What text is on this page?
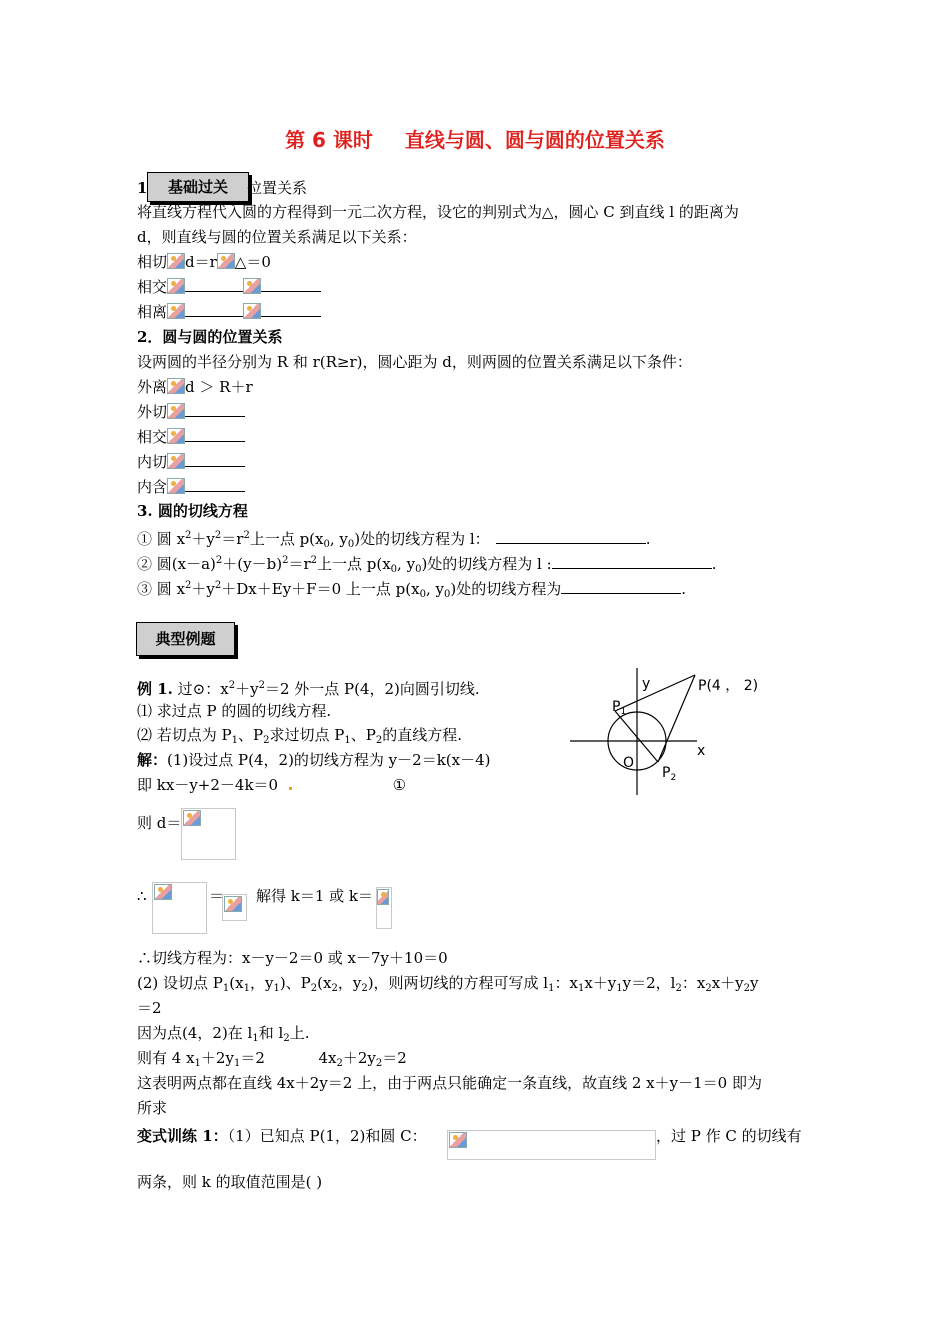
第 6 课时 直线与圆、圆与圆的位置关系
1	基础过关	位置关系
将直线方程代入圆的方程得到一元二次方程，设它的判别式为△，圆心 C 到直线 l 的距离为
d，则直线与圆的位置关系满足以下关系：
相切 d＝r △＝0
相交
相离
2．圆与圆的位置关系
设两圆的半径分别为 R 和 r(R≥r)，圆心距为 d，则两圆的位置关系满足以下条件：
外离 d ＞ R＋r
外切
相交
内切
内含
3. 圆的切线方程
① 圆 $x^2+y^2=r^2$上一点 $p(x_0$, $y_0$)处的切线方程为 l：	.
② 圆$(x-a)^2+(y-b)^2=r^2$上一点 $p(x_0$, $y_0$)处的切线方程为 l :	.
③ 圆 $x^2+y^2+Dx+Ey+F=0$ 上一点 $p(x_0$, $y_0$)处的切线方程为	.
典型例题
例 1. 过⊙：$x^2+y^2=2$ 外一点 P(4，2)向圆引切线.
⑴ 求过点 P 的圆的切线方程.
⑵ 若切点为 $P_1$、$P_2$求过切点 $P_1$、$P_2$的直线方程.
解：(1)设过点 P(4，2)的切线方程为 y－2＝k(x－4)
即 kx－y+2－4k＝0	①
则 d＝
∴	＝ 解得 k＝1 或 k＝
∴切线方程为：x－y－2＝0 或 x－7y＋10＝0
(2) 设切点 $P_1(x_1$，$y_1$)、$P_2(x_2$，$y_2$)，则两切线的方程可写成 $l_1$：$x_1x+y_1y=2$，$l_2$：$x_2x+y_2y$
＝2
因为点(4，2)在 $l_1$和 $l_2$上.
则有 4 $x_1+2y_1=2$	$4x_2+2y_2=2$
这表明两点都在直线 4x＋2y＝2 上，由于两点只能确定一条直线，故直线 2 x＋y－1＝0 即为
所求
变式训练 1：（1）已知点 P(1，2)和圆 C：	，过 P 作 C 的切线有
两条，则 k 的取值范围是( )
y
x
O
P(4 ， 2)
$P_1$
$P_2$
